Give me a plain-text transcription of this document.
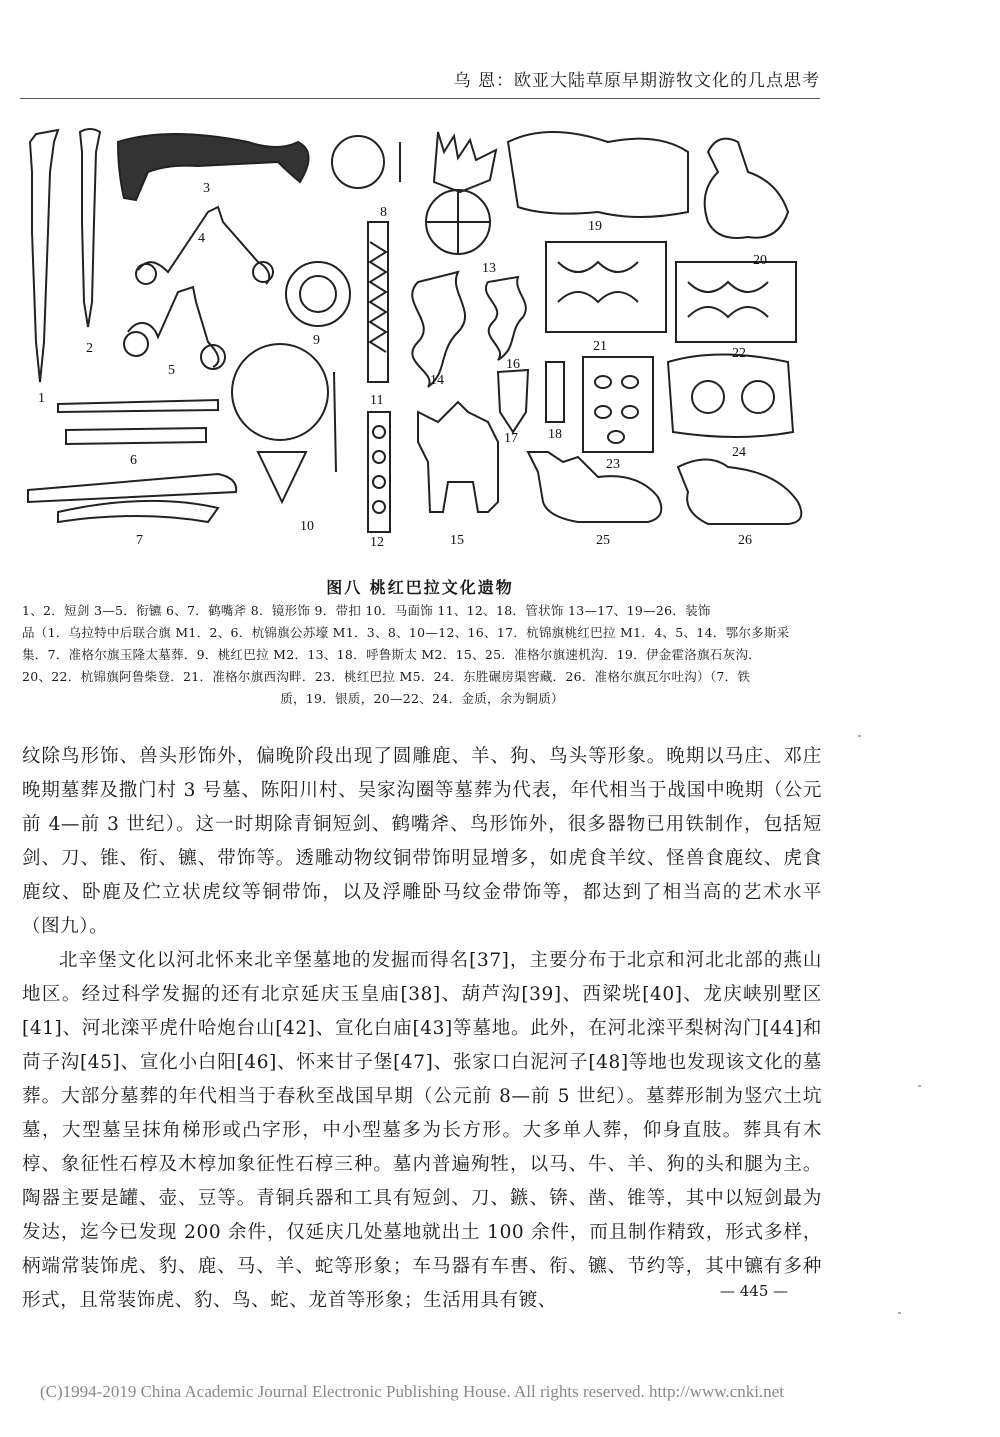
乌 恩：欧亚大陆草原早期游牧文化的几点思考
1
2
3
4
5
6
7
8
9
10
11
12
13
14
15
16
17 18
19
20
21	22
23
24
25	26
图八 桃红巴拉文化遗物

1、2．短剑 3—5．衔镳 6、7．鹤嘴斧 8．镜形饰 9．带扣 10．马面饰 11、12、18．管状饰 13—17、19—26．装饰

品（1．乌拉特中后联合旗 M1．2、6．杭锦旗公苏壕 M1．3、8、10—12、16、17．杭锦旗桃红巴拉 M1．4、5、14．鄂尔多斯采

集．7．准格尔旗玉隆太墓葬．9．桃红巴拉 M2．13、18．呼鲁斯太 M2．15、25．准格尔旗速机沟．19．伊金霍洛旗石灰沟．

20、22．杭锦旗阿鲁柴登．21．准格尔旗西沟畔．23．桃红巴拉 M5．24．东胜碾房渠窖藏．26．准格尔旗瓦尔吐沟）（7．铁

质，19．银质，20—22、24．金质，余为铜质）

纹除鸟形饰、兽头形饰外，偏晚阶段出现了圆雕鹿、羊、狗、鸟头等形象。晚期以马庄、邓庄晚期墓葬及撒门村 3 号墓、陈阳川村、吴家沟圈等墓葬为代表，年代相当于战国中晚期（公元前 4—前 3 世纪）。这一时期除青铜短剑、鹤嘴斧、鸟形饰外，很多器物已用铁制作，包括短剑、刀、锥、衔、镳、带饰等。透雕动物纹铜带饰明显增多，如虎食羊纹、怪兽食鹿纹、虎食鹿纹、卧鹿及伫立状虎纹等铜带饰，以及浮雕卧马纹金带饰等，都达到了相当高的艺术水平（图九）。

北辛堡文化以河北怀来北辛堡墓地的发掘而得名[37]，主要分布于北京和河北北部的燕山地区。经过科学发掘的还有北京延庆玉皇庙[38]、葫芦沟[39]、西梁垙[40]、龙庆峡别墅区[41]、河北滦平虎什哈炮台山[42]、宣化白庙[43]等墓地。此外，在河北滦平梨树沟门[44]和苘子沟[45]、宣化小白阳[46]、怀来甘子堡[47]、张家口白泥河子[48]等地也发现该文化的墓葬。大部分墓葬的年代相当于春秋至战国早期（公元前 8—前 5 世纪）。墓葬形制为竖穴土坑墓，大型墓呈抹角梯形或凸字形，中小型墓多为长方形。大多单人葬，仰身直肢。葬具有木椁、象征性石椁及木椁加象征性石椁三种。墓内普遍殉牲，以马、牛、羊、狗的头和腿为主。陶器主要是罐、壶、豆等。青铜兵器和工具有短剑、刀、鏃、锛、凿、锥等，其中以短剑最为发达，迄今已发现 200 余件，仅延庆几处墓地就出土 100 余件，而且制作精致，形式多样，柄端常装饰虎、豹、鹿、马、羊、蛇等形象；车马器有车軎、衔、镳、节约等，其中镳有多种形式，且常装饰虎、豹、鸟、蛇、龙首等形象；生活用具有镀、	— 445 —
(C)1994-2019 China Academic Journal Electronic Publishing House. All rights reserved. http://www.cnki.net
